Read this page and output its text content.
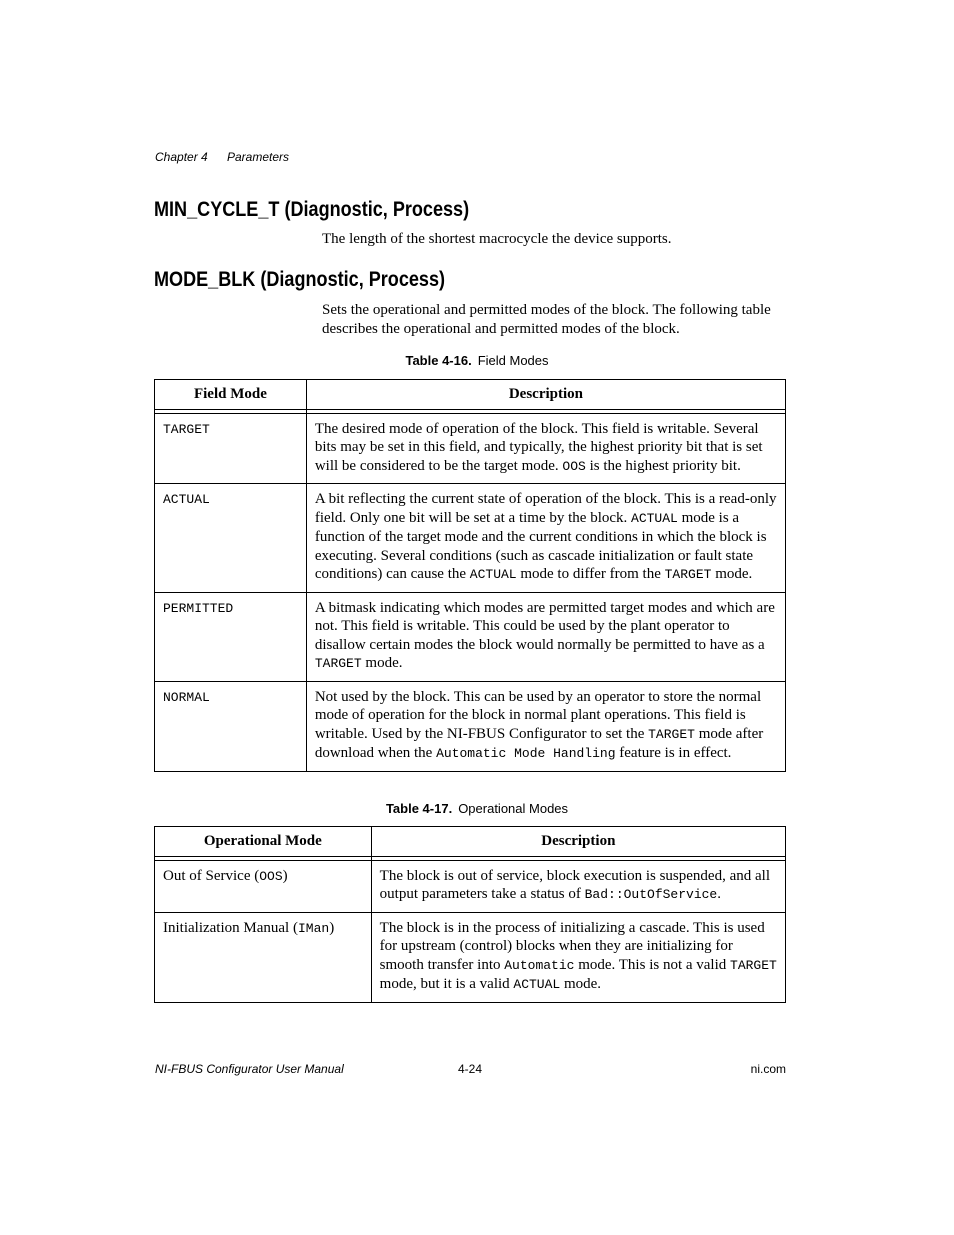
Chapter 4 Parameters
MIN_CYCLE_T (Diagnostic, Process)
The length of the shortest macrocycle the device supports.
MODE_BLK (Diagnostic, Process)
Sets the operational and permitted modes of the block. The following table
describes the operational and permitted modes of the block.
Table 4-16. Field Modes
Field Mode	Description

TARGET	The desired mode of operation of the block. This field is writable. Several bits may be set in this field, and typically, the highest priority bit that is set will be considered to be the target mode. OOS is the highest priority bit.
ACTUAL	A bit reflecting the current state of operation of the block. This is a read-only field. Only one bit will be set at a time by the block. ACTUAL mode is a function of the target mode and the current conditions in which the block is executing. Several conditions (such as cascade initialization or fault state conditions) can cause the ACTUAL mode to differ from the TARGET mode.
PERMITTED	A bitmask indicating which modes are permitted target modes and which are not. This field is writable. This could be used by the plant operator to disallow certain modes the block would normally be permitted to have as a TARGET mode.
NORMAL	Not used by the block. This can be used by an operator to store the normal mode of operation for the block in normal plant operations. This field is writable. Used by the NI-FBUS Configurator to set the TARGET mode after download when the Automatic Mode Handling feature is in effect.
Table 4-17. Operational Modes
Operational Mode	Description

Out of Service (OOS)	The block is out of service, block execution is suspended, and all output parameters take a status of Bad::OutOfService.
Initialization Manual (IMan)	The block is in the process of initializing a cascade. This is used for upstream (control) blocks when they are initializing for smooth transfer into Automatic mode. This is not a valid TARGET mode, but it is a valid ACTUAL mode.
NI-FBUS Configurator User Manual	4-24	ni.com
